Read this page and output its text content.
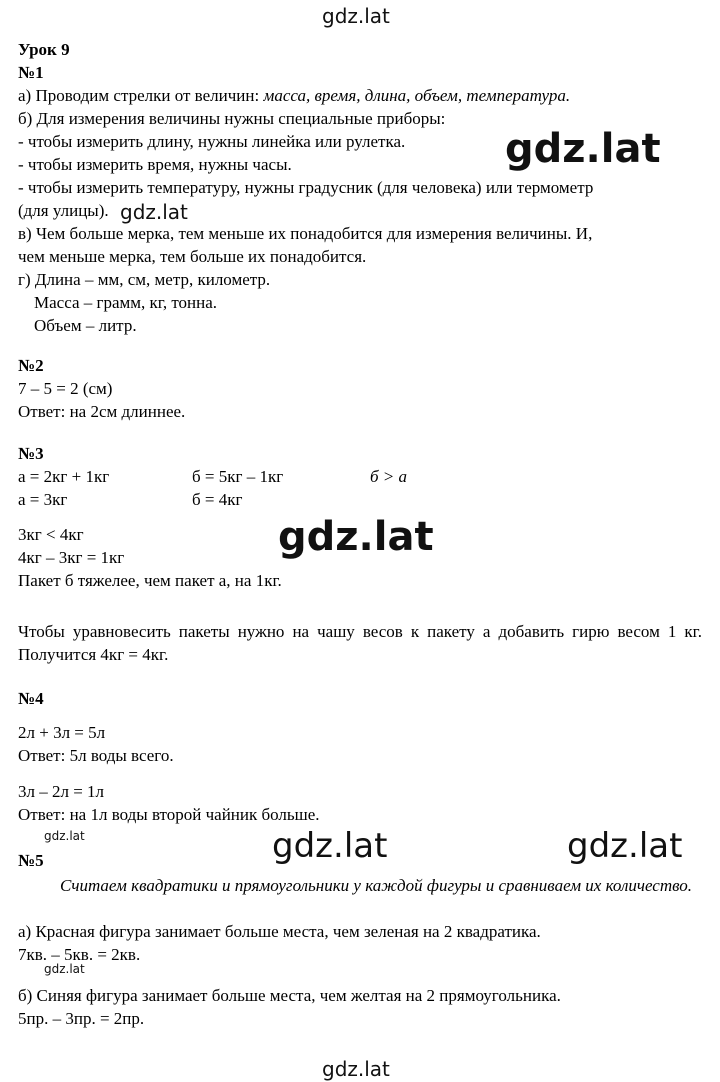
gdz.lat
gdz.lat
gdz.lat
gdz.lat
gdz.lat	gdz.lat
gdz.lat
gdz.lat
gdz.lat
Урок 9
№1
а) Проводим стрелки от величин: масса, время, длина, объем, температура.
б) Для измерения величины нужны специальные приборы:
- чтобы измерить длину, нужны линейка или рулетка.
- чтобы измерить время, нужны часы.
- чтобы измерить температуру, нужны градусник (для человека) или термометр
(для улицы).
в) Чем больше мерка, тем меньше их понадобится для измерения величины. И,
чем меньше мерка, тем больше их понадобится.
г) Длина – мм, см, метр, километр.
Масса – грамм, кг, тонна.
Объем – литр.
№2
7 – 5 = 2 (см)
Ответ: на 2см длиннее.
№3
а = 2кг + 1кг	б = 5кг – 1кг	б > а
а = 3кг	б = 4кг
3кг < 4кг
4кг – 3кг = 1кг
Пакет б тяжелее, чем пакет а, на 1кг.
Чтобы уравновесить пакеты нужно на чашу весов к пакету а добавить гирю весом 1 кг. Получится 4кг = 4кг.
№4
2л + 3л = 5л
Ответ: 5л воды всего.
3л – 2л = 1л
Ответ: на 1л воды второй чайник больше.
№5
Считаем квадратики и прямоугольники у каждой фигуры и сравниваем их количество.
а) Красная фигура занимает больше места, чем зеленая на 2 квадратика.
7кв. – 5кв. = 2кв.
б) Синяя фигура занимает больше места, чем желтая на 2 прямоугольника.
5пр. – 3пр. = 2пр.
